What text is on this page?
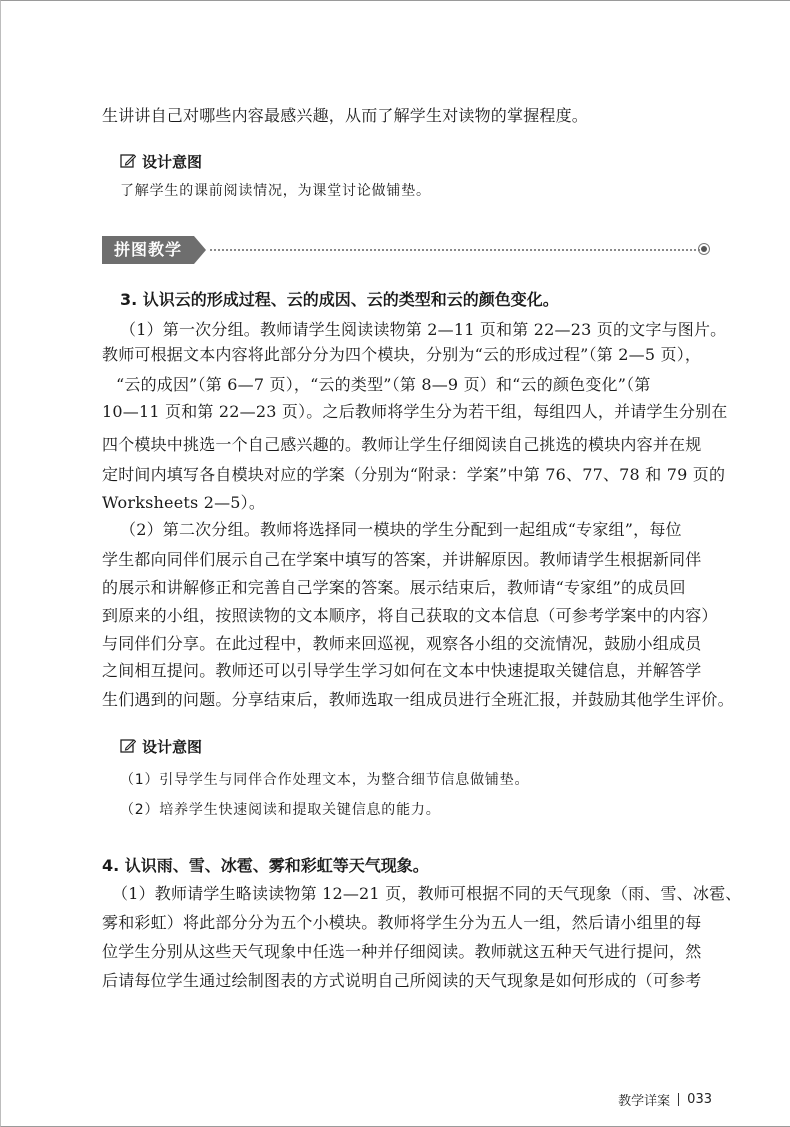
生讲讲自己对哪些内容最感兴趣，从而了解学生对读物的掌握程度。
设计意图
了解学生的课前阅读情况，为课堂讨论做铺垫。
拼图教学
3. 认识云的形成过程、云的成因、云的类型和云的颜色变化。
（1）第一次分组。教师请学生阅读读物第 2—11 页和第 22—23 页的文字与图片。
教师可根据文本内容将此部分分为四个模块，分别为“云的形成过程”（第 2—5 页），
“云的成因”（第 6—7 页），“云的类型”（第 8—9 页）和“云的颜色变化”（第
10—11 页和第 22—23 页）。之后教师将学生分为若干组，每组四人，并请学生分别在
四个模块中挑选一个自己感兴趣的。教师让学生仔细阅读自己挑选的模块内容并在规
定时间内填写各自模块对应的学案（分别为“附录：学案”中第 76、77、78 和 79 页的
Worksheets 2—5）。
（2）第二次分组。教师将选择同一模块的学生分配到一起组成“专家组”，每位
学生都向同伴们展示自己在学案中填写的答案，并讲解原因。教师请学生根据新同伴
的展示和讲解修正和完善自己学案的答案。展示结束后，教师请“专家组”的成员回
到原来的小组，按照读物的文本顺序，将自己获取的文本信息（可参考学案中的内容）
与同伴们分享。在此过程中，教师来回巡视，观察各小组的交流情况，鼓励小组成员
之间相互提问。教师还可以引导学生学习如何在文本中快速提取关键信息，并解答学
生们遇到的问题。分享结束后，教师选取一组成员进行全班汇报，并鼓励其他学生评价。
设计意图
（1）引导学生与同伴合作处理文本，为整合细节信息做铺垫。
（2）培养学生快速阅读和提取关键信息的能力。
4. 认识雨、雪、冰雹、雾和彩虹等天气现象。
（1）教师请学生略读读物第 12—21 页，教师可根据不同的天气现象（雨、雪、冰雹、
雾和彩虹）将此部分分为五个小模块。教师将学生分为五人一组，然后请小组里的每
位学生分别从这些天气现象中任选一种并仔细阅读。教师就这五种天气进行提问，然
后请每位学生通过绘制图表的方式说明自己所阅读的天气现象是如何形成的（可参考
教学详案 033
